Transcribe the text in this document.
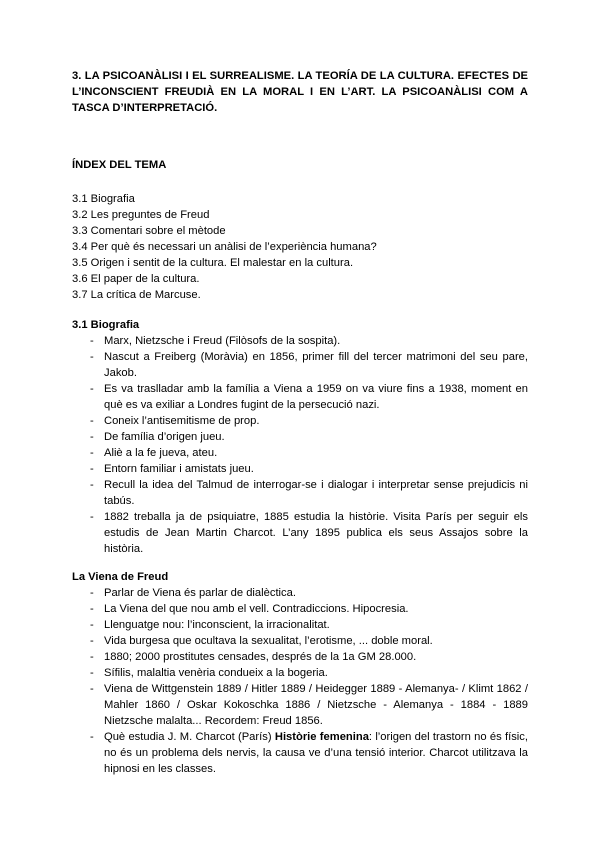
3. LA PSICOANÀLISI I EL SURREALISME. LA TEORÍA DE LA CULTURA. EFECTES DE L’INCONSCIENT FREUDIÀ EN LA MORAL I EN L’ART. LA PSICOANÀLISI COM A TASCA D’INTERPRETACIÓ.

ÍNDEX DEL TEMA

3.1 Biografia
3.2 Les preguntes de Freud
3.3 Comentari sobre el mètode
3.4 Per què és necessari un anàlisi de l’experiència humana?
3.5 Origen i sentit de la cultura. El malestar en la cultura.
3.6 El paper de la cultura.
3.7 La crítica de Marcuse.

3.1 Biografia

- Marx, Nietzsche i Freud (Filòsofs de la sospita).
- Nascut a Freiberg (Moràvia) en 1856, primer fill del tercer matrimoni del seu pare, Jakob.
- Es va traslladar amb la família a Viena a 1959 on va viure fins a 1938, moment en què es va exiliar a Londres fugint de la persecució nazi.
- Coneix l’antisemitisme de prop.
- De família d’origen jueu.
- Aliè a la fe jueva, ateu.
- Entorn familiar i amistats jueu.
- Recull la idea del Talmud de interrogar-se i dialogar i interpretar sense prejudicis ni tabús.
- 1882 treballa ja de psiquiatre, 1885 estudia la històrie. Visita París per seguir els estudis de Jean Martin Charcot. L’any 1895 publica els seus Assajos sobre la història.

La Viena de Freud

- Parlar de Viena és parlar de dialèctica.
- La Viena del que nou amb el vell. Contradiccions. Hipocresia.
- Llenguatge nou: l’inconscient, la irracionalitat.
- Vida burgesa que ocultava la sexualitat, l’erotisme, ... doble moral.
- 1880; 2000 prostitutes censades, després de la 1a GM 28.000.
- Sífilis, malaltia venèria condueix a la bogeria.
- Viena de Wittgenstein 1889 / Hitler 1889 / Heidegger 1889 - Alemanya- / Klimt 1862 / Mahler 1860 / Oskar Kokoschka 1886 / Nietzsche - Alemanya - 1884 - 1889 Nietzsche malalta... Recordem: Freud 1856.
- Què estudia J. M. Charcot (París) Històrie femenina: l’origen del trastorn no és físic, no és un problema dels nervis, la causa ve d’una tensió interior. Charcot utilitzava la hipnosi en les classes.
